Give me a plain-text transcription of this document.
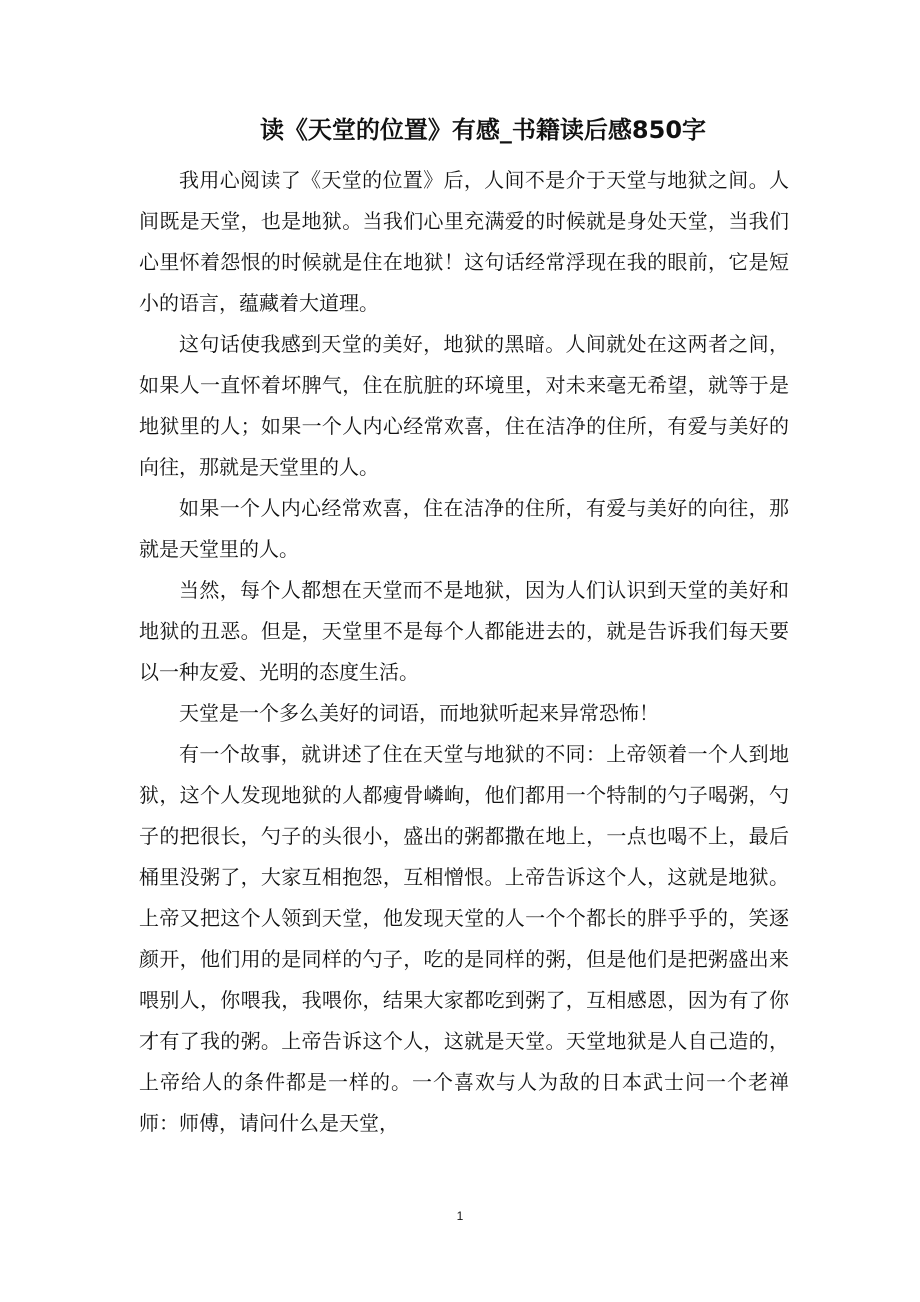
读《天堂的位置》有感_书籍读后感850字

我用心阅读了《天堂的位置》后，人间不是介于天堂与地狱之间。人间既是天堂，也是地狱。当我们心里充满爱的时候就是身处天堂，当我们心里怀着怨恨的时候就是住在地狱！这句话经常浮现在我的眼前，它是短小的语言，蕴藏着大道理。

这句话使我感到天堂的美好，地狱的黑暗。人间就处在这两者之间，如果人一直怀着坏脾气，住在肮脏的环境里，对未来毫无希望，就等于是地狱里的人；如果一个人内心经常欢喜，住在洁净的住所，有爱与美好的向往，那就是天堂里的人。

如果一个人内心经常欢喜，住在洁净的住所，有爱与美好的向往，那就是天堂里的人。

当然，每个人都想在天堂而不是地狱，因为人们认识到天堂的美好和地狱的丑恶。但是，天堂里不是每个人都能进去的，就是告诉我们每天要以一种友爱、光明的态度生活。

天堂是一个多么美好的词语，而地狱听起来异常恐怖！

有一个故事，就讲述了住在天堂与地狱的不同：上帝领着一个人到地狱，这个人发现地狱的人都瘦骨嶙峋，他们都用一个特制的勺子喝粥，勺子的把很长，勺子的头很小，盛出的粥都撒在地上，一点也喝不上，最后桶里没粥了，大家互相抱怨，互相憎恨。上帝告诉这个人，这就是地狱。上帝又把这个人领到天堂，他发现天堂的人一个个都长的胖乎乎的，笑逐颜开，他们用的是同样的勺子，吃的是同样的粥，但是他们是把粥盛出来喂别人，你喂我，我喂你，结果大家都吃到粥了，互相感恩，因为有了你才有了我的粥。上帝告诉这个人，这就是天堂。天堂地狱是人自己造的，上帝给人的条件都是一样的。一个喜欢与人为敌的日本武士问一个老禅师：师傅，请问什么是天堂，

1
